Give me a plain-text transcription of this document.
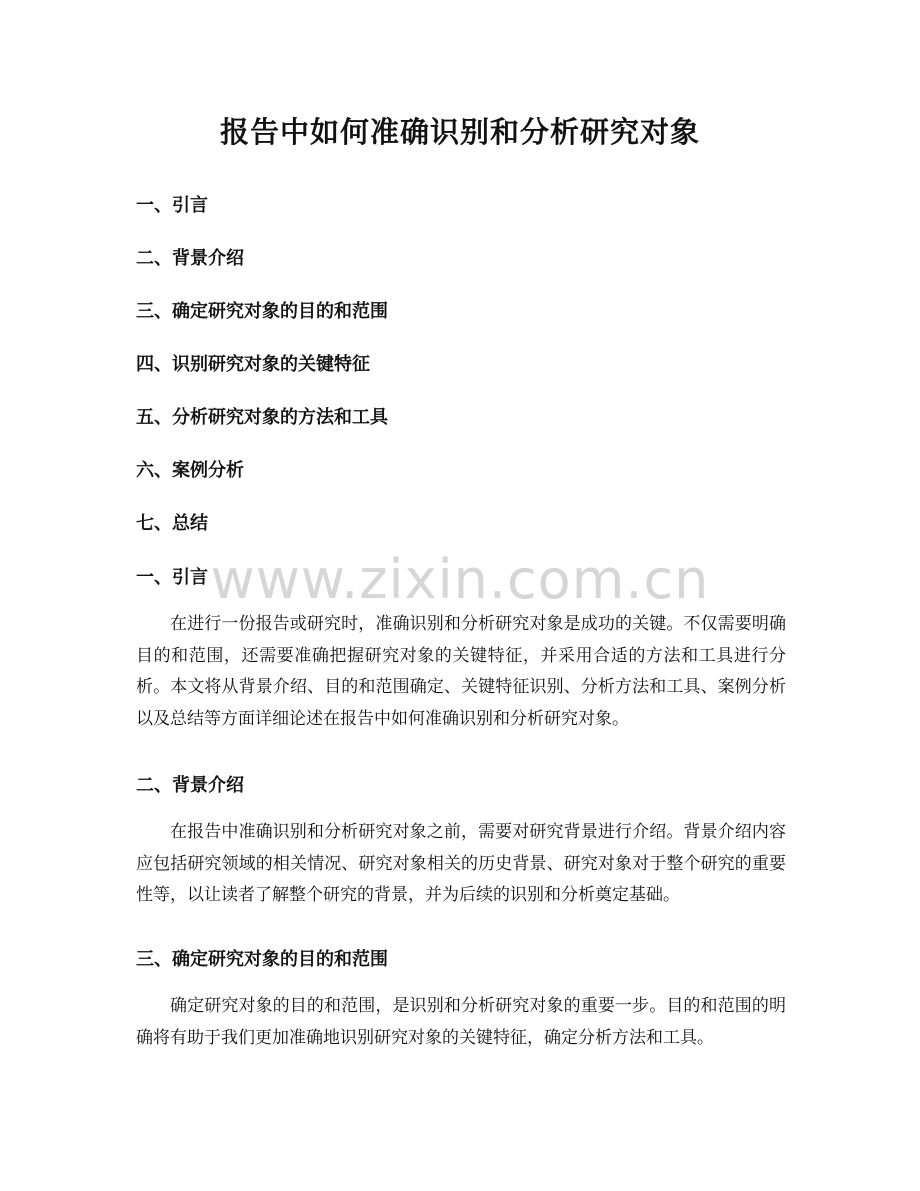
报告中如何准确识别和分析研究对象
一、引言
二、背景介绍
三、确定研究对象的目的和范围
四、识别研究对象的关键特征
五、分析研究对象的方法和工具
六、案例分析
七、总结
www.zixin.com.cn
一、引言
在进行一份报告或研究时，准确识别和分析研究对象是成功的关键。不仅需要明确目的和范围，还需要准确把握研究对象的关键特征，并采用合适的方法和工具进行分析。本文将从背景介绍、目的和范围确定、关键特征识别、分析方法和工具、案例分析以及总结等方面详细论述在报告中如何准确识别和分析研究对象。
二、背景介绍
在报告中准确识别和分析研究对象之前，需要对研究背景进行介绍。背景介绍内容应包括研究领域的相关情况、研究对象相关的历史背景、研究对象对于整个研究的重要性等，以让读者了解整个研究的背景，并为后续的识别和分析奠定基础。
三、确定研究对象的目的和范围
确定研究对象的目的和范围，是识别和分析研究对象的重要一步。目的和范围的明确将有助于我们更加准确地识别研究对象的关键特征，确定分析方法和工具。
